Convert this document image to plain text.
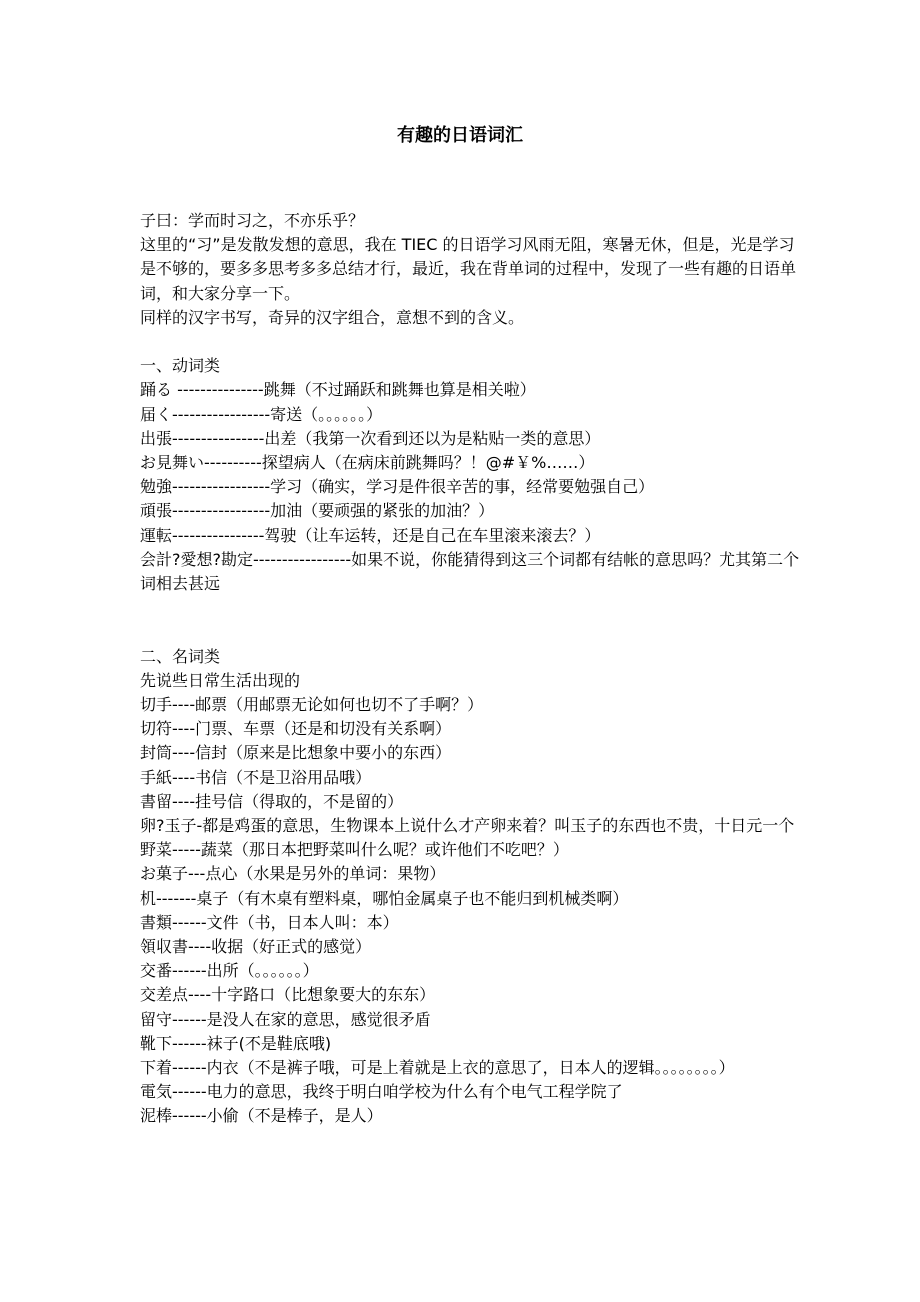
有趣的日语词汇

子曰：学而时习之，不亦乐乎？

这里的“习”是发散发想的意思，我在 TIEC 的日语学习风雨无阻，寒暑无休，但是，光是学习是不够的，要多多思考多多总结才行，最近，我在背单词的过程中，发现了一些有趣的日语单词，和大家分享一下。

同样的汉字书写，奇异的汉字组合，意想不到的含义。

一、动词类

踊る ---------------跳舞（不过踊跃和跳舞也算是相关啦）

届く-----------------寄送（。。。。。。）

出張----------------出差（我第一次看到还以为是粘贴一类的意思）

お見舞い----------探望病人（在病床前跳舞吗？！@#￥%……）

勉強-----------------学习（确实，学习是件很辛苦的事，经常要勉强自己）

頑張-----------------加油（要顽强的紧张的加油？）

運転----------------驾驶（让车运转，还是自己在车里滚来滚去？）

会計?愛想?勘定-----------------如果不说，你能猜得到这三个词都有结帐的意思吗？尤其第二个词相去甚远

二、名词类

先说些日常生活出现的

切手----邮票（用邮票无论如何也切不了手啊？）

切符----门票、车票（还是和切没有关系啊）

封筒----信封（原来是比想象中要小的东西）

手紙----书信（不是卫浴用品哦）

書留----挂号信（得取的，不是留的）

卵?玉子-都是鸡蛋的意思，生物课本上说什么才产卵来着？叫玉子的东西也不贵，十日元一个

野菜-----蔬菜（那日本把野菜叫什么呢？或许他们不吃吧？）

お菓子---点心（水果是另外的单词：果物）

机-------桌子（有木桌有塑料桌，哪怕金属桌子也不能归到机械类啊）

書類------文件（书，日本人叫：本）

領収書----收据（好正式的感觉）

交番------出所（。。。。。。）

交差点----十字路口（比想象要大的东东）

留守------是没人在家的意思，感觉很矛盾

靴下------袜子(不是鞋底哦)

下着------内衣（不是裤子哦，可是上着就是上衣的意思了，日本人的逻辑。。。。。。。。）

電気------电力的意思，我终于明白咱学校为什么有个电气工程学院了

泥棒------小偷（不是棒子，是人）
